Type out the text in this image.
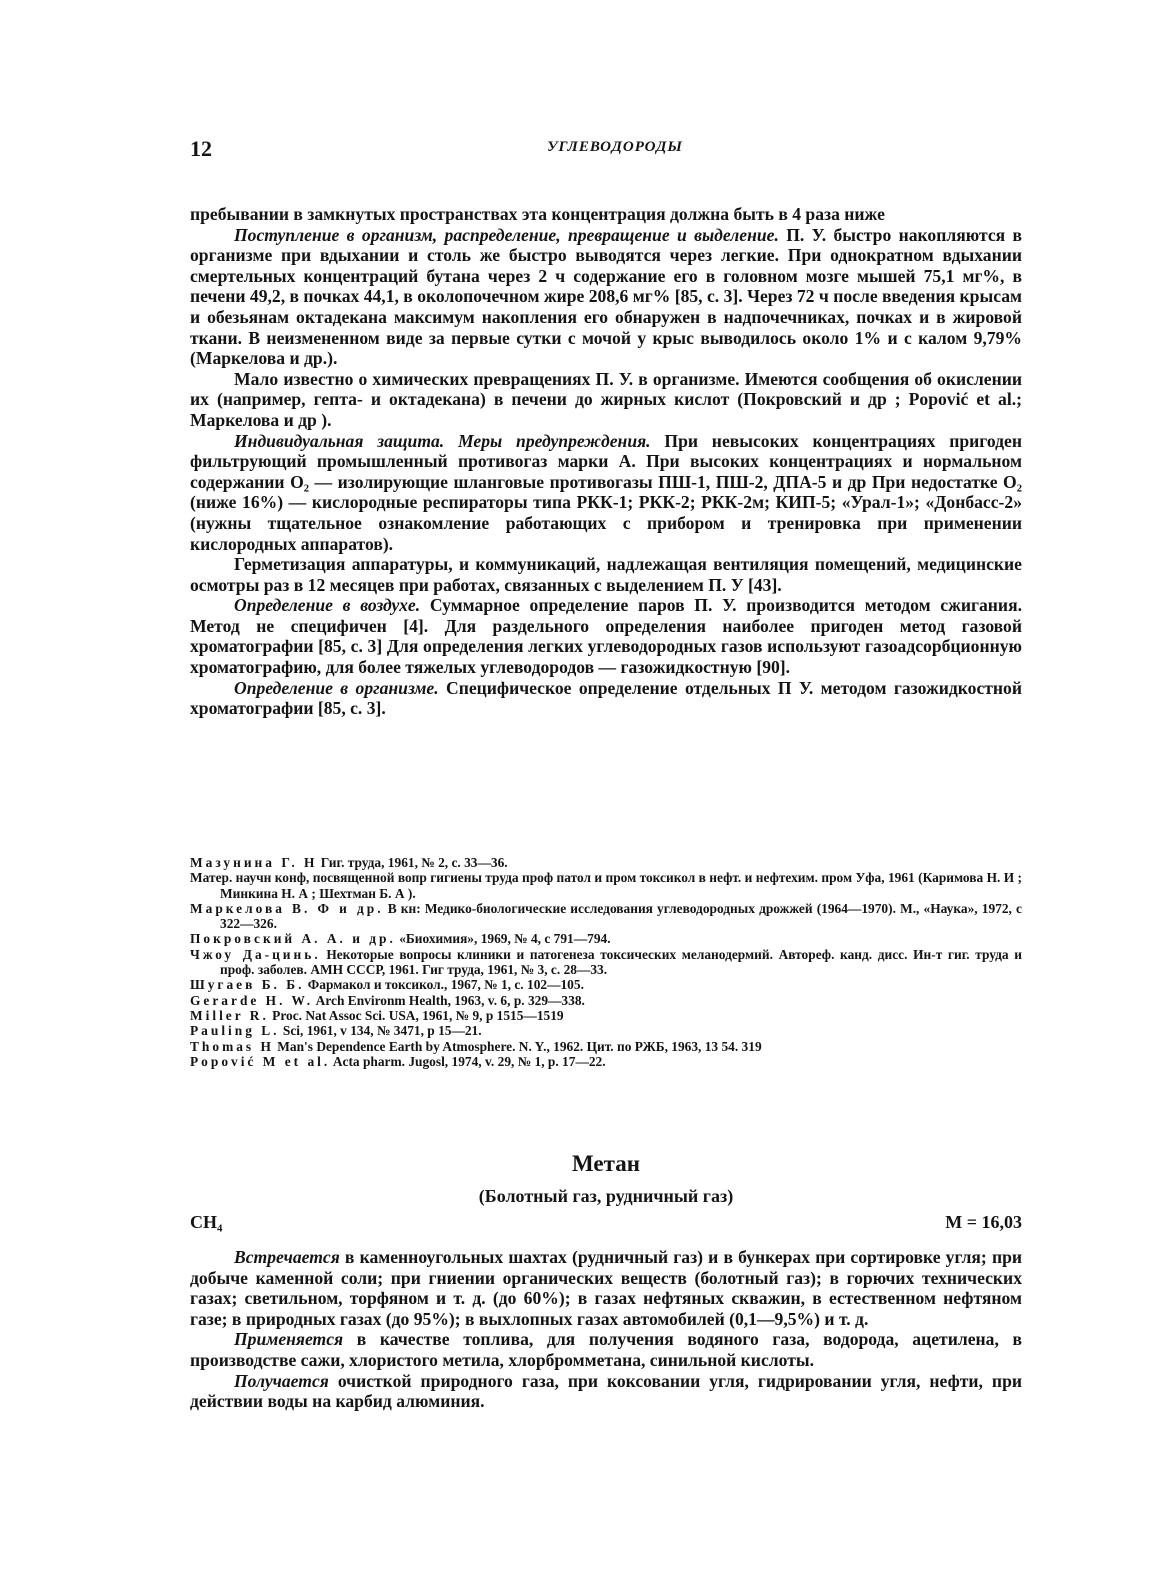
12	УГЛЕВОДОРОДЫ

пребывании в замкнутых пространствах эта концентрация должна быть в 4 раза ниже

Поступление в организм, распределение, превращение и выделение. П. У. быстро накопляются в организме при вдыхании и столь же быстро выводятся через легкие. При однократном вдыхании смертельных концентраций бутана через 2 ч содержание его в головном мозге мышей 75,1 мг%, в печени 49,2, в почках 44,1, в околопочечном жире 208,6 мг% [85, с. 3]. Через 72 ч после введения крысам и обезьянам октадекана максимум накопления его обнаружен в надпочечниках, почках и в жировой ткани. В неизмененном виде за первые сутки с мочой у крыс выводилось около 1% и с калом 9,79% (Маркелова и др.).

Мало известно о химических превращениях П. У. в организме. Имеются сообщения об окислении их (например, гепта- и октадекана) в печени до жирных кислот (Покровский и др ; Popović et al.; Маркелова и др ).

Индивидуальная защита. Меры предупреждения. При невысоких концентрациях пригоден фильтрующий промышленный противогаз марки А. При высоких концентрациях и нормальном содержании O₂ — изолирующие шланговые противогазы ПШ-1, ПШ-2, ДПА-5 и др При недостатке O₂ (ниже 16%) — кислородные респираторы типа РКК-1; РКК-2; РКК-2м; КИП-5; «Урал-1»; «Донбасс-2» (нужны тщательное ознакомление работающих с прибором и тренировка при применении кислородных аппаратов).

Герметизация аппаратуры, и коммуникаций, надлежащая вентиляция помещений, медицинские осмотры раз в 12 месяцев при работах, связанных с выделением П. У [43].

Определение в воздухе. Суммарное определение паров П. У. производится методом сжигания. Метод не специфичен [4]. Для раздельного определения наиболее пригоден метод газовой хроматографии [85, с. 3] Для определения легких углеводородных газов используют газоадсорбционную хроматографию, для более тяжелых углеводородов — газожидкостную [90].

Определение в организме. Специфическое определение отдельных П У. методом газожидкостной хроматографии [85, с. 3].

Мазунина Г. Н Гиг. труда, 1961, № 2, с. 33—36.
Матер. научн конф, посвященной вопр гигиены труда проф патол и пром токсикол в нефт. и нефтехим. пром Уфа, 1961 (Каримова Н. И ; Минкина Н. А ; Шехтман Б. А ).
Маркелова В. Ф и др. В кн: Медико-биологические исследования углеводородных дрожжей (1964—1970). М., «Наука», 1972, с 322—326.
Покровский А. А. и др. «Биохимия», 1969, № 4, с 791—794.
Чжоу Да-цинь. Некоторые вопросы клиники и патогенеза токсических меланодермий. Автореф. канд. дисс. Ин-т гиг. труда и проф. заболев. АМН СССР, 1961. Гиг труда, 1961, № 3, с. 28—33.
Шугаев Б. Б. Фармакол и токсикол., 1967, № 1, с. 102—105.
Gerarde H. W. Arch Environm Health, 1963, v. 6, p. 329—338.
Miller R. Proc. Nat Assoc Sci. USA, 1961, № 9, p 1515—1519
Pauling L. Sci, 1961, v 134, № 3471, p 15—21.
Thomas H Man's Dependence Earth by Atmosphere. N. Y., 1962. Цит. по РЖБ, 1963, 13 54. 319
Popović M et al. Acta pharm. Jugosl, 1974, v. 29, № 1, p. 17—22.
Метан
(Болотный газ, рудничный газ)
CH₄	M = 16,03

Встречается в каменноугольных шахтах (рудничный газ) и в бункерах при сортировке угля; при добыче каменной соли; при гниении органических веществ (болотный газ); в горючих технических газах; светильном, торфяном и т. д. (до 60%); в газах нефтяных скважин, в естественном нефтяном газе; в природных газах (до 95%); в выхлопных газах автомобилей (0,1—9,5%) и т. д.

Применяется в качестве топлива, для получения водяного газа, водорода, ацетилена, в производстве сажи, хлористого метила, хлорбромметана, синильной кислоты.

Получается очисткой природного газа, при коксовании угля, гидрировании угля, нефти, при действии воды на карбид алюминия.
